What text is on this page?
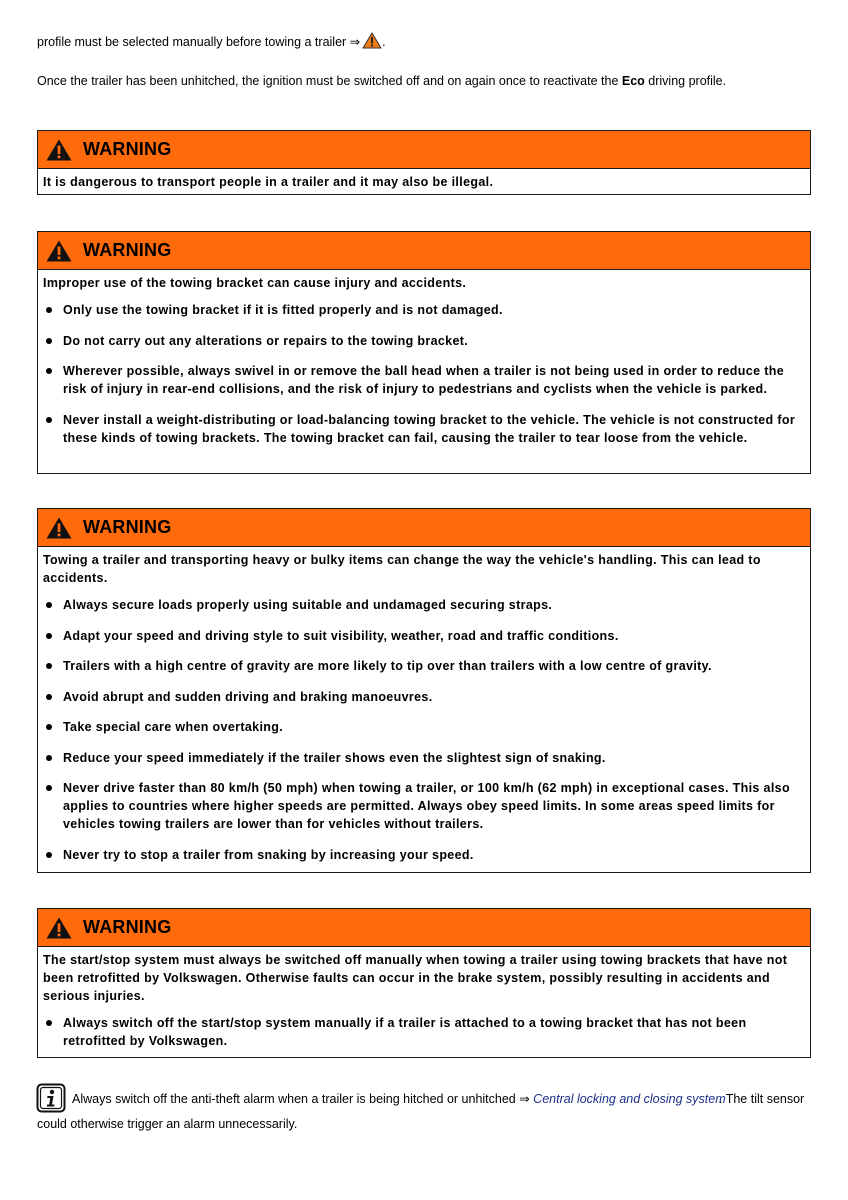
profile must be selected manually before towing a trailer ⇒ .
Once the trailer has been unhitched, the ignition must be switched off and on again once to reactivate the Eco driving profile.
WARNING
It is dangerous to transport people in a trailer and it may also be illegal.
WARNING
Improper use of the towing bracket can cause injury and accidents.
Only use the towing bracket if it is fitted properly and is not damaged.
Do not carry out any alterations or repairs to the towing bracket.
Wherever possible, always swivel in or remove the ball head when a trailer is not being used in order to reduce the risk of injury in rear-end collisions, and the risk of injury to pedestrians and cyclists when the vehicle is parked.
Never install a weight-distributing or load-balancing towing bracket to the vehicle. The vehicle is not constructed for these kinds of towing brackets. The towing bracket can fail, causing the trailer to tear loose from the vehicle.
WARNING
Towing a trailer and transporting heavy or bulky items can change the way the vehicle's handling. This can lead to accidents.
Always secure loads properly using suitable and undamaged securing straps.
Adapt your speed and driving style to suit visibility, weather, road and traffic conditions.
Trailers with a high centre of gravity are more likely to tip over than trailers with a low centre of gravity.
Avoid abrupt and sudden driving and braking manoeuvres.
Take special care when overtaking.
Reduce your speed immediately if the trailer shows even the slightest sign of snaking.
Never drive faster than 80 km/h (50 mph) when towing a trailer, or 100 km/h (62 mph) in exceptional cases. This also applies to countries where higher speeds are permitted. Always obey speed limits. In some areas speed limits for vehicles towing trailers are lower than for vehicles without trailers.
Never try to stop a trailer from snaking by increasing your speed.
WARNING
The start/stop system must always be switched off manually when towing a trailer using towing brackets that have not been retrofitted by Volkswagen. Otherwise faults can occur in the brake system, possibly resulting in accidents and serious injuries.
Always switch off the start/stop system manually if a trailer is attached to a towing bracket that has not been retrofitted by Volkswagen.
Always switch off the anti-theft alarm when a trailer is being hitched or unhitched ⇒ Central locking and closing system
. The tilt sensor
could otherwise trigger an alarm unnecessarily.
